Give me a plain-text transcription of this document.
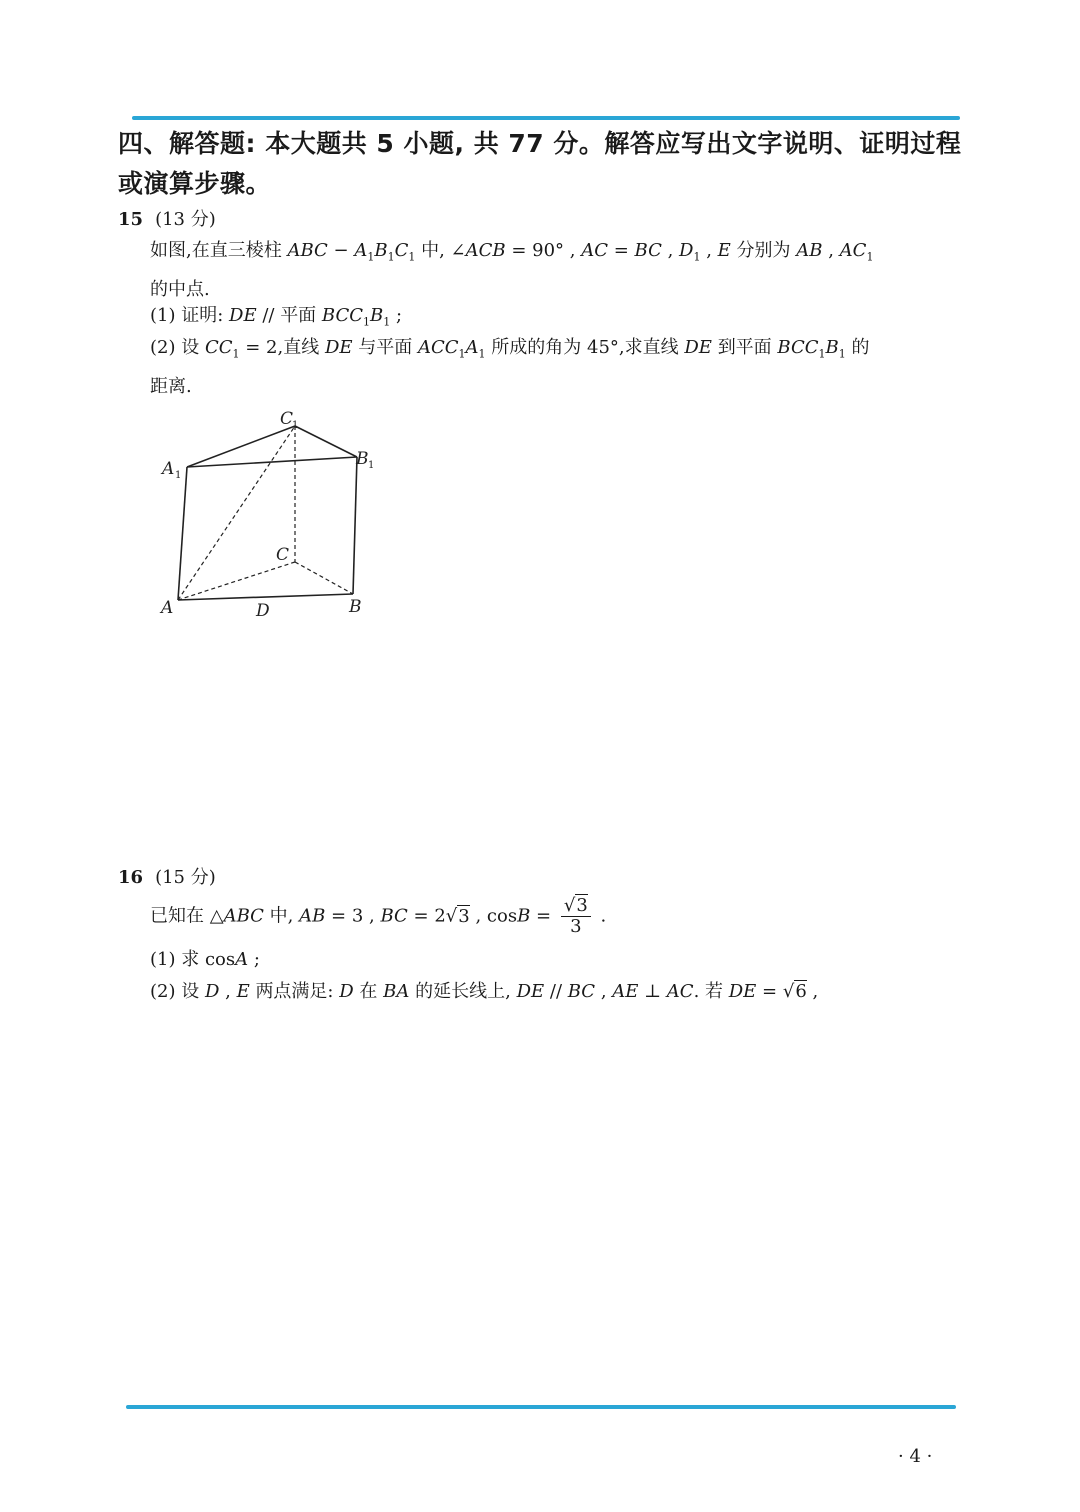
四、解答题: 本大题共 5 小题, 共 77 分。解答应写出文字说明、证明过程或演算步骤。
15 (13 分)
如图,在直三棱柱 ABC − $A_1B_1C_1$ 中, ∠ACB = 90° , AC = BC , $D_1$ , E 分别为 AB , $AC_1$
的中点.
(1) 证明: DE // 平面 $BCC_1B_1$ ;
(2) 设 $CC_1 = 2$,直线 DE 与平面 $ACC_1A_1$ 所成的角为 45°,求直线 DE 到平面 $BCC_1B_1$ 的
距离.
C
1
A 1
B 1
C
A	D	B
16 (15 分)
已知在 △ABC 中, AB = 3 , BC = 2√3 , $\cos B = \frac{√3}{3}$ .
(1) 求 cosA ;
(2) 设 D , E 两点满足: D 在 BA 的延长线上, DE // BC , AE ⊥ AC. 若 DE = √6 ,
· 4 ·
